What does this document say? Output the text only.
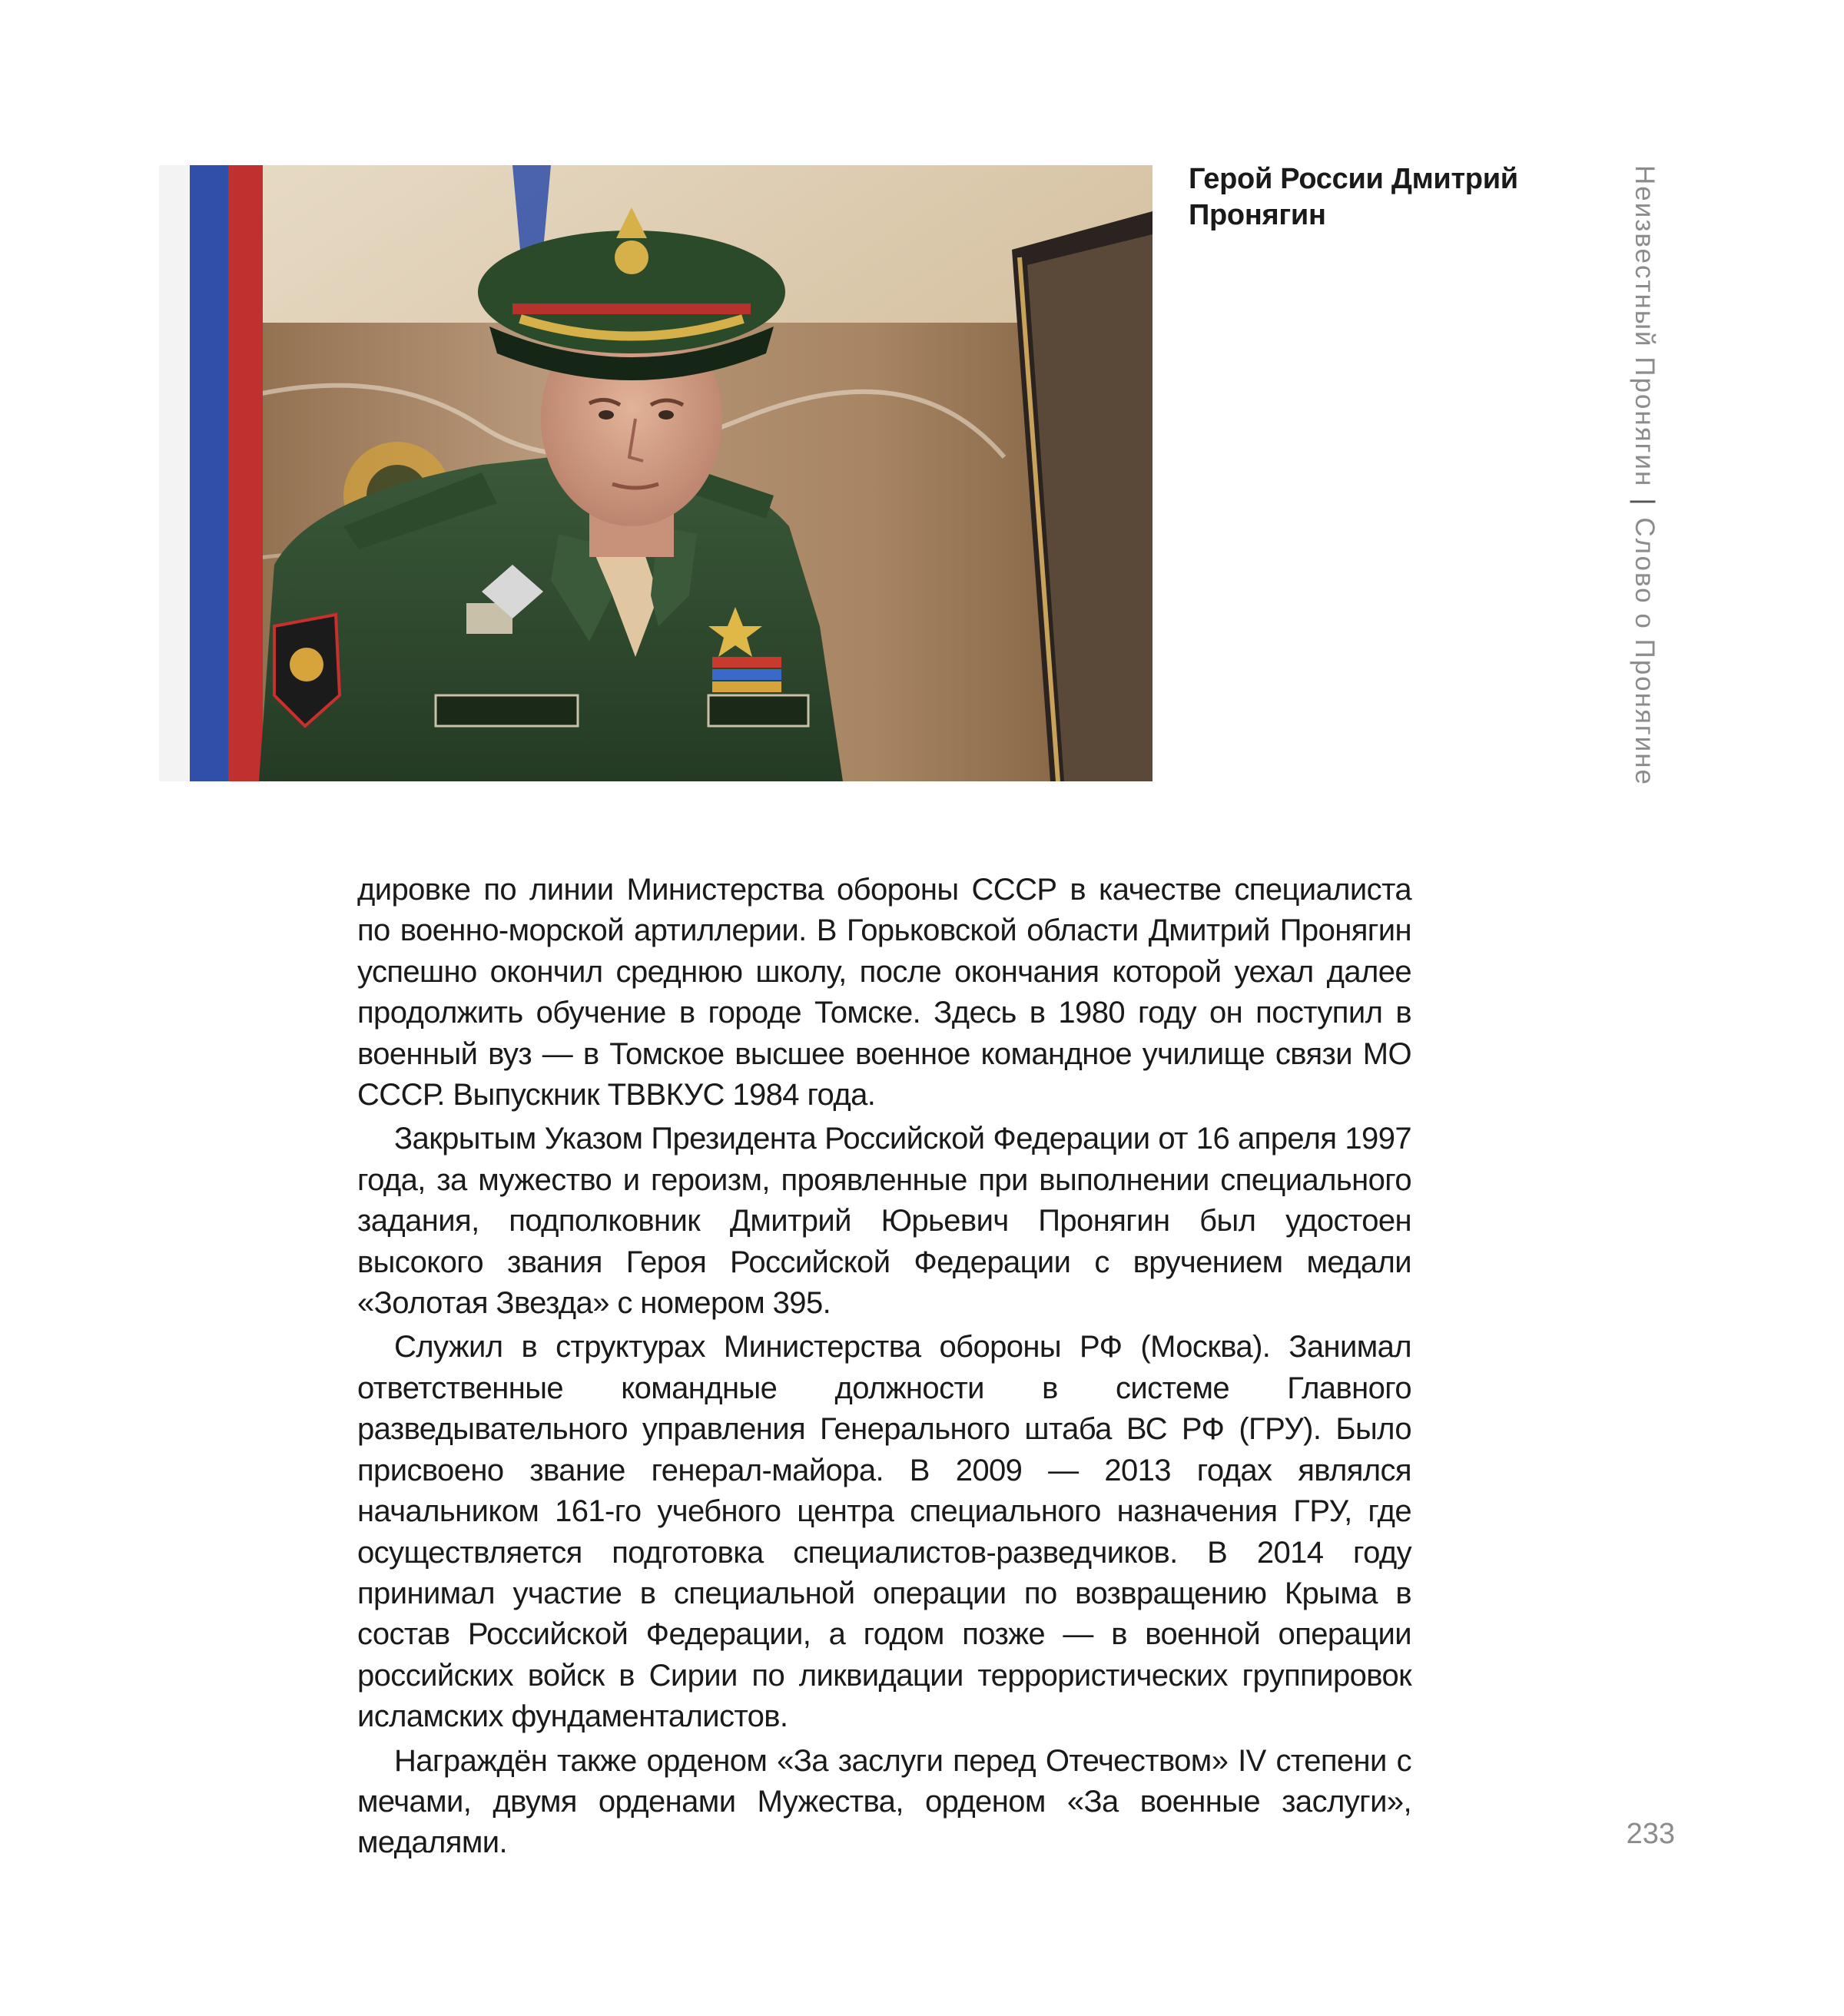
Герой России Дмитрий
Пронягин	Неизвестный Пронягин|Слово о Пронягине

дировке по линии Министерства обороны СССР в качестве специалиста по военно-морской артиллерии. В Горьковской области Дмитрий Пронягин успешно окончил среднюю школу, после окончания которой уехал далее продолжить обучение в городе Томске. Здесь в 1980 году он поступил в военный вуз — в Томское высшее военное командное училище связи МО СССР. Выпускник ТВВКУС 1984 года.

Закрытым Указом Президента Российской Федерации от 16 апреля 1997 года, за мужество и героизм, проявленные при выполнении специального задания, подполковник Дмитрий Юрьевич Пронягин был удостоен высокого звания Героя Российской Федерации с вручением медали «Золотая Звезда» с номером 395.

Служил в структурах Министерства обороны РФ (Москва). Занимал ответственные командные должности в системе Главного разведывательного управления Генерального штаба ВС РФ (ГРУ). Было присвоено звание генерал-майора. В 2009 — 2013 годах являлся начальником 161-го учебного центра специального назначения ГРУ, где осуществляется подготовка специалистов-разведчиков. В 2014 году принимал участие в специальной операции по возвращению Крыма в состав Российской Федерации, а годом позже — в военной операции российских войск в Сирии по ликвидации террористических группировок исламских фундаменталистов.

Награждён также орденом «За заслуги перед Отечеством» IV степени с мечами, двумя орденами Мужества, орденом «За военные заслуги», медалями.	233
